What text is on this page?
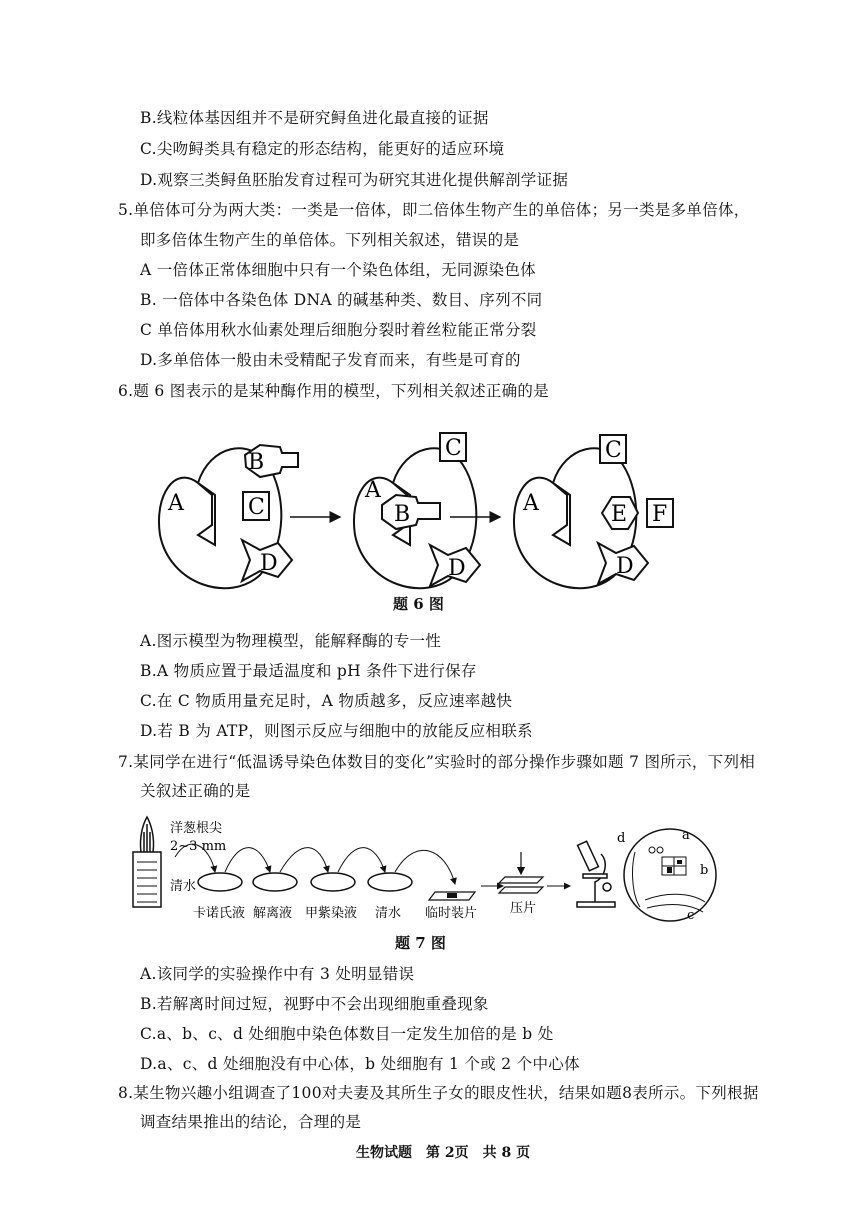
B.线粒体基因组并不是研究鲟鱼进化最直接的证据
C.尖吻鲟类具有稳定的形态结构，能更好的适应环境
D.观察三类鲟鱼胚胎发育过程可为研究其进化提供解剖学证据
5.单倍体可分为两大类：一类是一倍体，即二倍体生物产生的单倍体；另一类是多单倍体，
即多倍体生物产生的单倍体。下列相关叙述，错误的是
A 一倍体正常体细胞中只有一个染色体组，无同源染色体
B. 一倍体中各染色体 DNA 的碱基种类、数目、序列不同
C 单倍体用秋水仙素处理后细胞分裂时着丝粒能正常分裂
D.多单倍体一般由未受精配子发育而来，有些是可育的
6.题 6 图表示的是某种酶作用的模型，下列相关叙述正确的是
A
B
C
D
A
B
C
D
A
C
E F
D
题 6 图
A.图示模型为物理模型，能解释酶的专一性
B.A 物质应置于最适温度和 pH 条件下进行保存
C.在 C 物质用量充足时，A 物质越多，反应速率越快
D.若 B 为 ATP，则图示反应与细胞中的放能反应相联系
7.某同学在进行“低温诱导染色体数目的变化”实验时的部分操作步骤如题 7 图所示，下列相
关叙述正确的是
洋葱根尖
2~3 mm
清水
d	a
b
c
卡诺氏液 解离液 甲紫染液 清水 临时装片	压片
题 7 图
A.该同学的实验操作中有 3 处明显错误
B.若解离时间过短，视野中不会出现细胞重叠现象
C.a、b、c、d 处细胞中染色体数目一定发生加倍的是 b 处
D.a、c、d 处细胞没有中心体，b 处细胞有 1 个或 2 个中心体
8.某生物兴趣小组调查了100对夫妻及其所生子女的眼皮性状，结果如题8表所示。下列根据
调查结果推出的结论，合理的是
生物试题　第 2页　共 8 页
